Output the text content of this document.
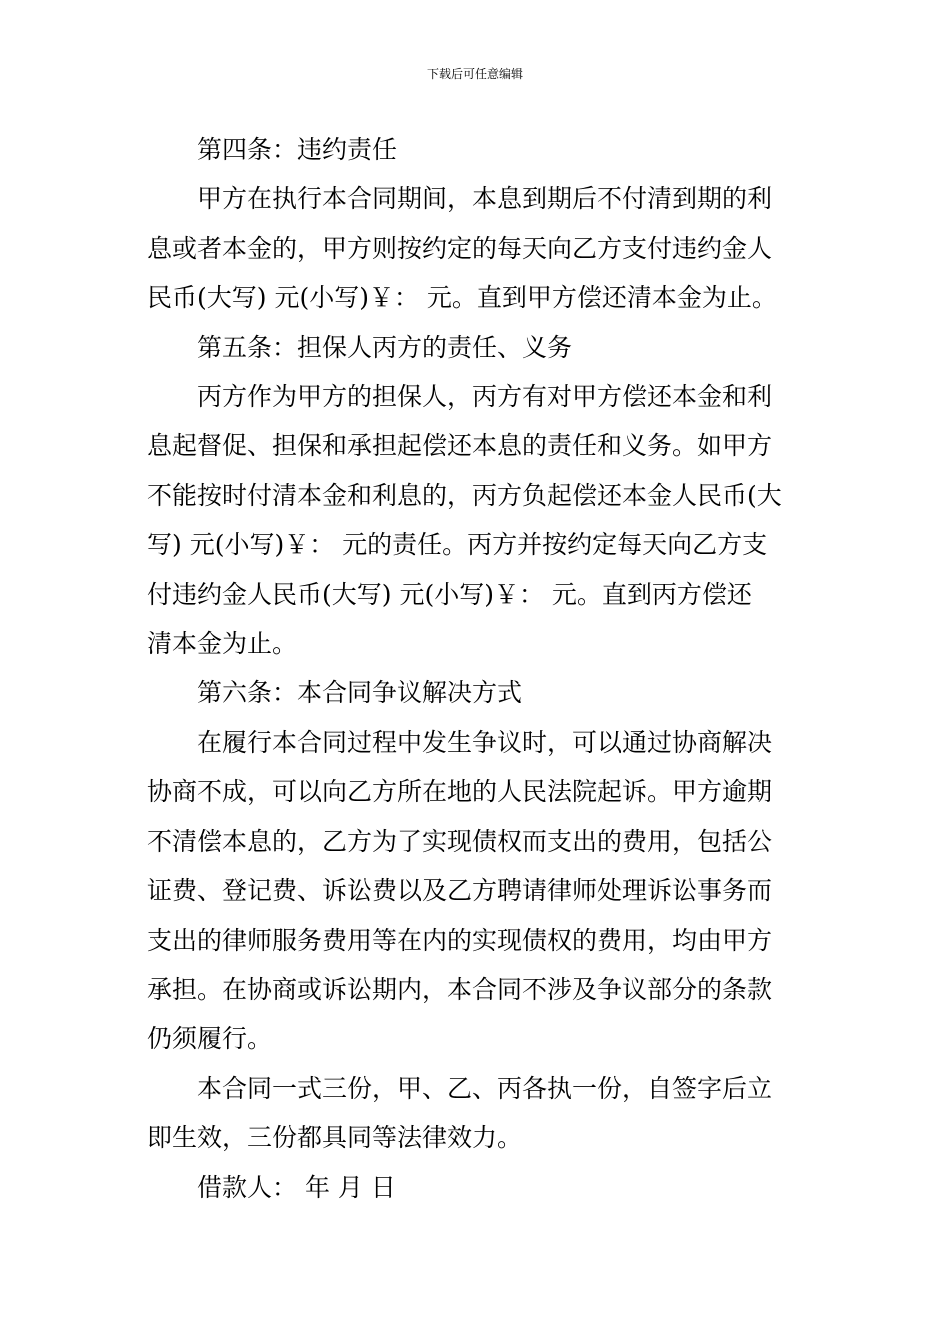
下载后可任意编辑

第四条：违约责任

甲方在执行本合同期间，本息到期后不付清到期的利
息或者本金的，甲方则按约定的每天向乙方支付违约金人
民币(大写) 元(小写)￥： 元。直到甲方偿还清本金为止。

第五条：担保人丙方的责任、义务

丙方作为甲方的担保人，丙方有对甲方偿还本金和利
息起督促、担保和承担起偿还本息的责任和义务。如甲方
不能按时付清本金和利息的，丙方负起偿还本金人民币(大
写) 元(小写)￥： 元的责任。丙方并按约定每天向乙方支
付违约金人民币(大写) 元(小写)￥： 元。直到丙方偿还
清本金为止。

第六条：本合同争议解决方式

在履行本合同过程中发生争议时，可以通过协商解决
协商不成，可以向乙方所在地的人民法院起诉。甲方逾期
不清偿本息的，乙方为了实现债权而支出的费用，包括公
证费、登记费、诉讼费以及乙方聘请律师处理诉讼事务而
支出的律师服务费用等在内的实现债权的费用，均由甲方
承担。在协商或诉讼期内，本合同不涉及争议部分的条款
仍须履行。

本合同一式三份，甲、乙、丙各执一份，自签字后立
即生效，三份都具同等法律效力。

借款人： 年 月 日
